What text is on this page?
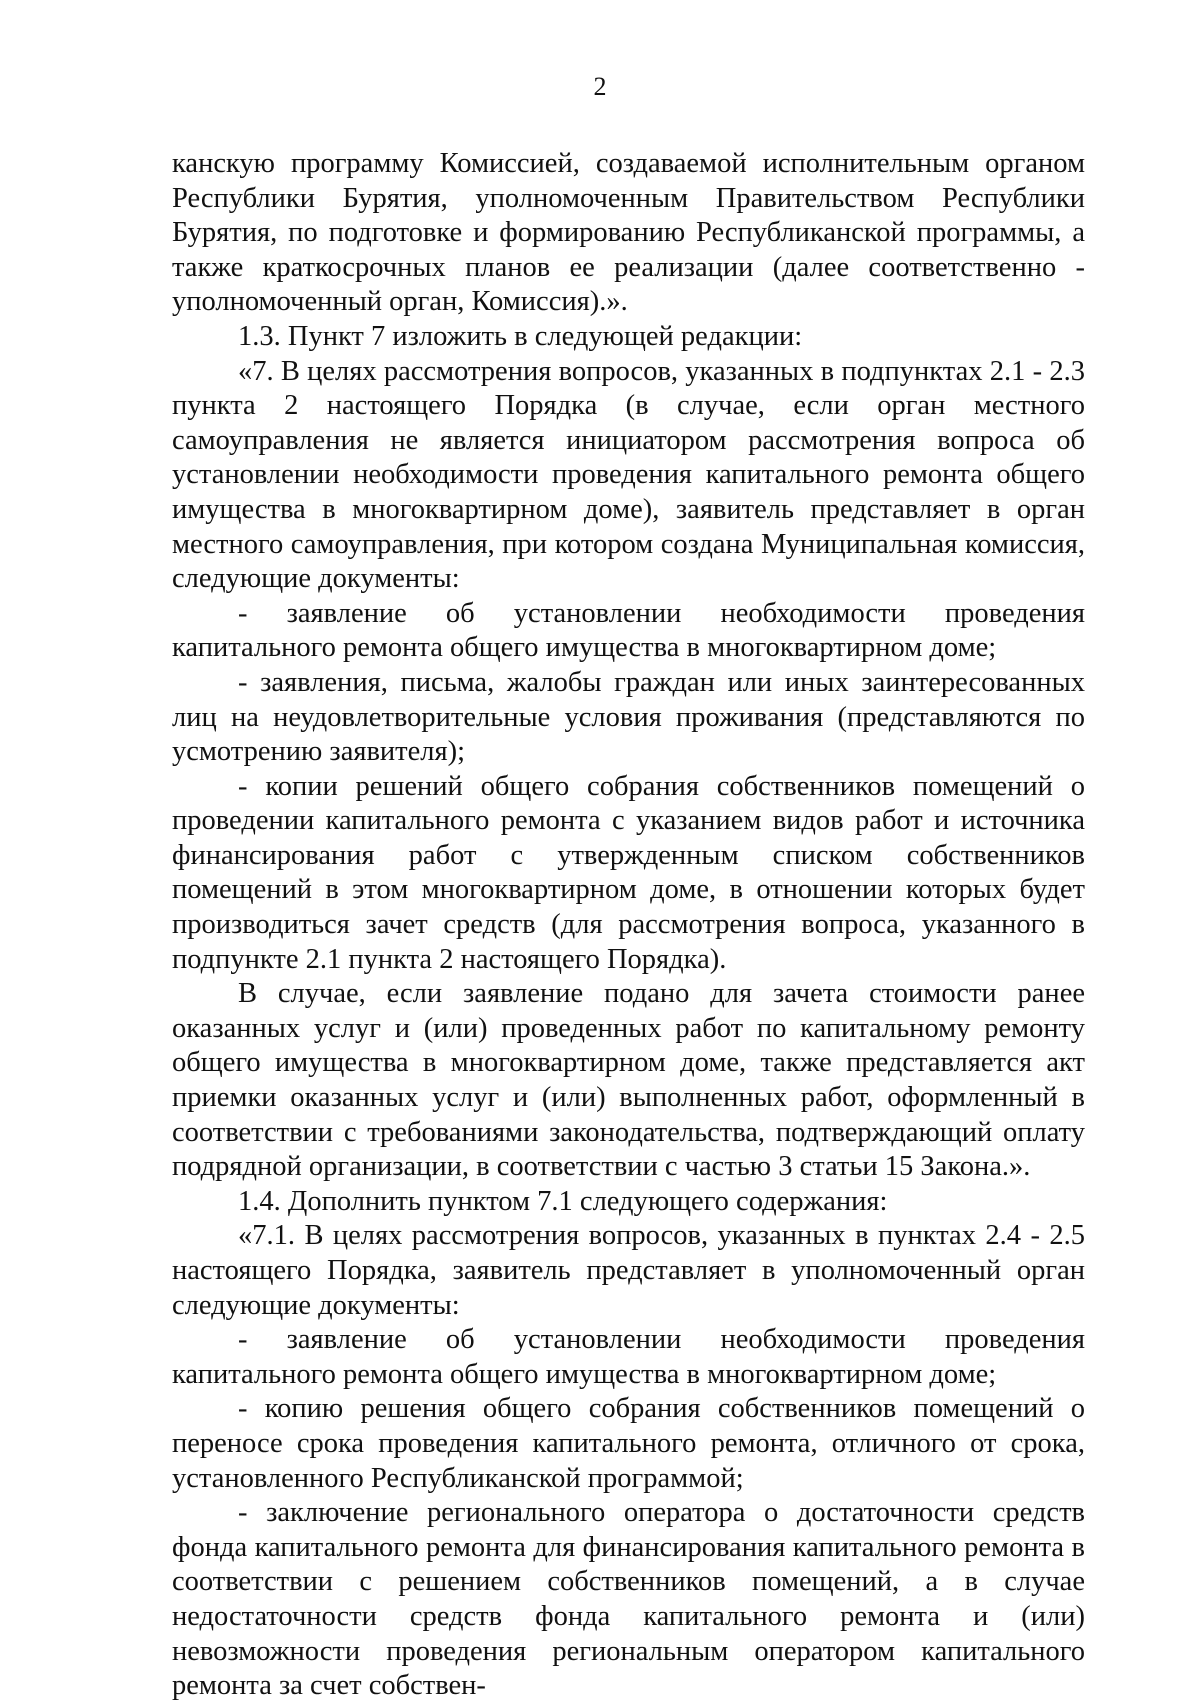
2

канскую программу Комиссией, создаваемой исполнительным органом Республики Бурятия, уполномоченным Правительством Республики Бурятия, по подготовке и формированию Республиканской программы, а также краткосрочных планов ее реализации (далее соответственно - уполномоченный орган, Комиссия).».

1.3. Пункт 7 изложить в следующей редакции:

«7. В целях рассмотрения вопросов, указанных в подпунктах 2.1 - 2.3 пункта 2 настоящего Порядка (в случае, если орган местного самоуправления не является инициатором рассмотрения вопроса об установлении необходимости проведения капитального ремонта общего имущества в многоквартирном доме), заявитель представляет в орган местного самоуправления, при котором создана Муниципальная комиссия, следующие документы:

- заявление об установлении необходимости проведения капитального ремонта общего имущества в многоквартирном доме;

- заявления, письма, жалобы граждан или иных заинтересованных лиц на неудовлетворительные условия проживания (представляются по усмотрению заявителя);

- копии решений общего собрания собственников помещений о проведении капитального ремонта с указанием видов работ и источника финансирования работ с утвержденным списком собственников помещений в этом многоквартирном доме, в отношении которых будет производиться зачет средств (для рассмотрения вопроса, указанного в подпункте 2.1 пункта 2 настоящего Порядка).

В случае, если заявление подано для зачета стоимости ранее оказанных услуг и (или) проведенных работ по капитальному ремонту общего имущества в многоквартирном доме, также представляется акт приемки оказанных услуг и (или) выполненных работ, оформленный в соответствии с требованиями законодательства, подтверждающий оплату подрядной организации, в соответствии с частью 3 статьи 15 Закона.».

1.4. Дополнить пунктом 7.1 следующего содержания:

«7.1. В целях рассмотрения вопросов, указанных в пунктах 2.4 - 2.5 настоящего Порядка, заявитель представляет в уполномоченный орган следующие документы:

- заявление об установлении необходимости проведения капитального ремонта общего имущества в многоквартирном доме;

- копию решения общего собрания собственников помещений о переносе срока проведения капитального ремонта, отличного от срока, установленного Республиканской программой;

- заключение регионального оператора о достаточности средств фонда капитального ремонта для финансирования капитального ремонта в соответствии с решением собственников помещений, а в случае недостаточности средств фонда капитального ремонта и (или) невозможности проведения региональным оператором капитального ремонта за счет собствен-
